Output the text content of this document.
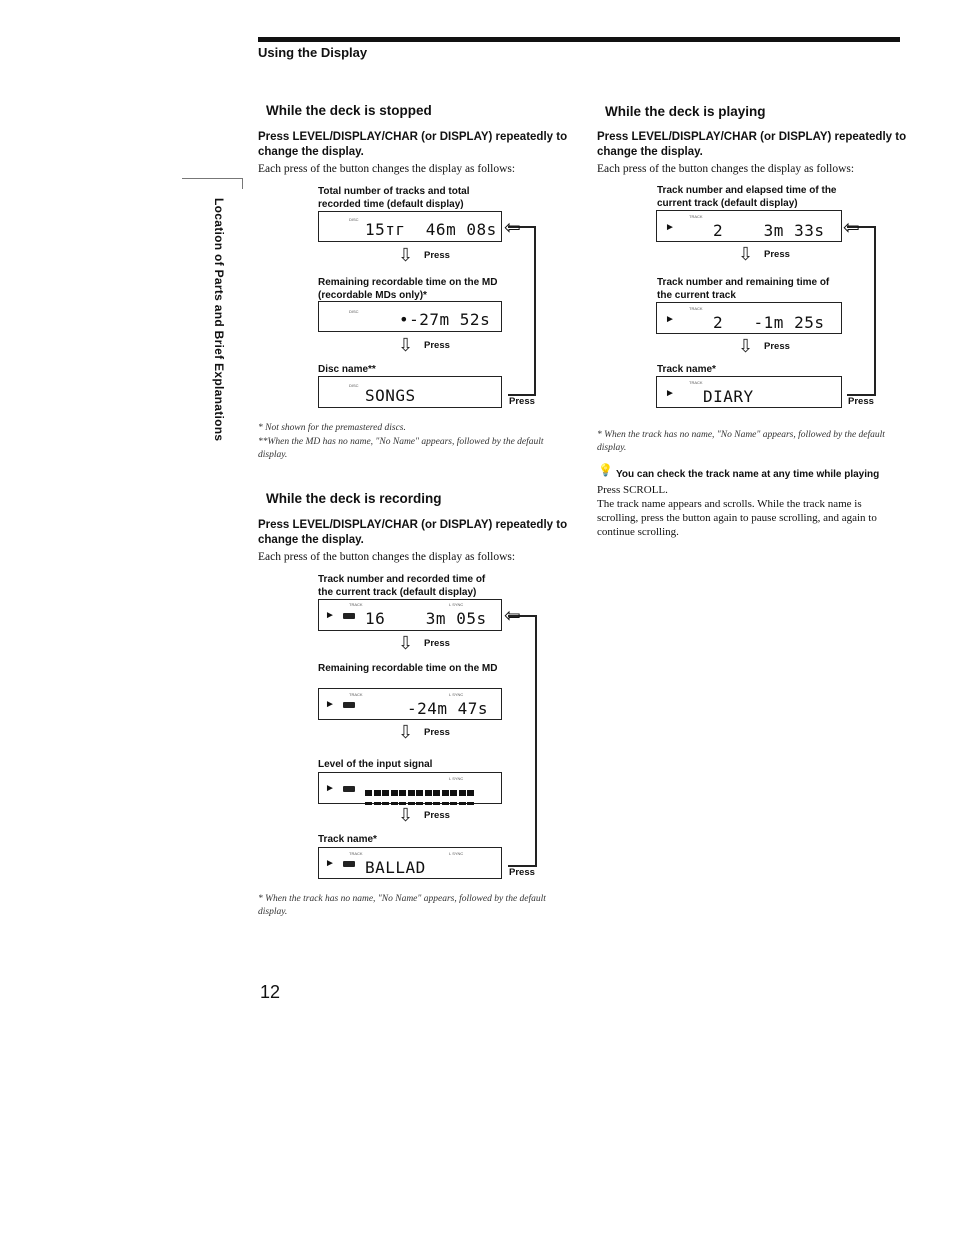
Using the Display
Location of Parts and Brief Explanations
While the deck is stopped
Press LEVEL/DISPLAY/CHAR (or DISPLAY) repeatedly to change the display.
Each press of the button changes the display as follows:
Total number of tracks and total recorded time (default display)
DISC
15тг  46m 08s
⇩ Press
Remaining recordable time on the MD (recordable MDs only)*
DISC	•-27m 52s
⇩ Press
Disc name**
DISC
SONGS	Press
⇦
* Not shown for the premastered discs.
**When the MD has no name, "No Name" appears, followed by the default display.
While the deck is recording
Press LEVEL/DISPLAY/CHAR (or DISPLAY) repeatedly to change the display.
Each press of the button changes the display as follows:
Track number and recorded time of the current track (default display)
TRACK	L SYNC
► 16    3m 05s
⇩ Press
Remaining recordable time on the MD
TRACK	L SYNC
►	-24m 47s
⇩ Press
Level of the input signal
L SYNC
►
⇩ Press
Track name*
TRACK	L SYNC
► BALLAD	Press
⇦
* When the track has no name, "No Name" appears, followed by the default display.
While the deck is playing
Press LEVEL/DISPLAY/CHAR (or DISPLAY) repeatedly to change the display.
Each press of the button changes the display as follows:
Track number and elapsed time of the current track (default display)
TRACK
► 2    3m 33s
⇩ Press
Track number and remaining time of the current track
TRACK
► 2   -1m 25s
⇩ Press
Track name*
TRACK
► DIARY	Press
⇦
* When the track has no name, "No Name" appears, followed by the default display.
💡 You can check the track name at any time while playing
Press SCROLL.
The track name appears and scrolls. While the track name is scrolling, press the button again to pause scrolling, and again to continue scrolling.
12
